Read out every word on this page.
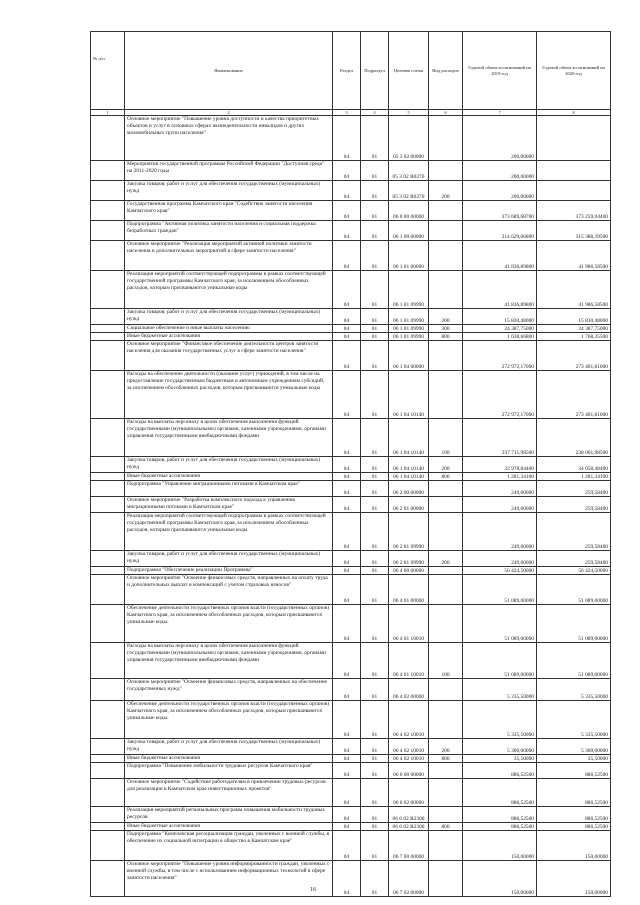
№ п/п	Наименование	Раздел	Подраздел	Целевая статья	Вид расходов	Годовой объем ассигнований на 2019 год	Годовой объем ассигнований на 2020 год
1	2	3	4	5	6	7	8
	Основное мероприятие "Повышение уровня доступности и качества приоритетных объектов и услуг в основных сферах жизнедеятельности инвалидов и других маломобильных групп населения"	04	01	05 3 02 00000		200,00000	
	Мероприятия государственной программы Российской Федерации "Доступная среда" на 2011-2020 годы	04	01	05 3 02 R0270		200,00000	
	Закупка товаров, работ и услуг для обеспечения государственных (муниципальных) нужд	04	01	05 3 02 R0270	200	200,00000	
	Государственная программа Камчатского края "Содействие занятости населения Камчатского края"	04	01	06 0 00 00000		373 689,68700	373 259,04400
	Подпрограмма "Активная политика занятости населения и социальная поддержка безработных граждан"	04	01	06 1 00 00000		314 629,06800	315 388,39500
	Основное мероприятие "Реализация мероприятий активной политики занятости населения и дополнительных мероприятий в сфере занятости населения"	04	01	06 1 01 00000		41 836,89800	41 986,58500
	Реализация мероприятий соответствующей подпрограммы в рамках соответствующей государственной программы Камчатского края, за исключением обособленных расходов, которым присваиваются уникальные коды	04	01	06 1 01 09990		41 836,89800	41 986,58500
	Закупка товаров, работ и услуг для обеспечения государственных (муниципальных) нужд	04	01	06 1 01 09990	200	15 830,48000	15 830,48000
	Социальное обеспечение и иные выплаты населению	04	01	06 1 01 09990	300	24 387,75000	24 387,75000
	Иные бюджетные ассигнования	04	01	06 1 01 09990	800	1 638,66800	1 768,35500
	Основное мероприятие "Финансовое обеспечение деятельности центров занятости населения для оказания государственных услуг в сфере занятости населения"	04	01	06 1 04 00000		272 972,17000	273 401,81000
	Расходы на обеспечение деятельности (оказание услуг) учреждений, в том числе на предоставление государственным бюджетным и автономным учреждениям субсидий, за исключением обособленных расходов, которым присваиваются уникальные коды	04	01	06 1 04 10140		272 972,17000	273 401,81000
	Расходы на выплаты персоналу в целях обеспечения выполнения функций государственными (муниципальными) органами, казенными учреждениями, органами управления государственными внебюджетными фондами	04	01	06 1 04 10140	100	237 711,98500	238 061,98500
	Закупка товаров, работ и услуг для обеспечения государственных (муниципальных) нужд	04	01	06 1 04 10140	200	33 978,84400	34 058,48400
	Иные бюджетные ассигнования	04	01	06 1 04 10140	800	1 281,34100	1 281,34100
	Подпрограмма "Управление миграционными потоками в Камчатском крае"	04	01	06 2 00 00000		249,60000	259,58400
	Основное мероприятие "Разработка комплексного подхода к управлению миграционными потоками в Камчатском крае"	04	01	06 2 01 00000		249,60000	259,58400
	Реализация мероприятий соответствующей подпрограммы в рамках соответствующей государственной программы Камчатского края, за исключением обособленных расходов, которым присваиваются уникальные коды	04	01	06 2 01 09990		249,60000	259,58400
	Закупка товаров, работ и услуг для обеспечения государственных (муниципальных) нужд	04	01	06 2 01 09990	200	249,60000	259,58400
	Подпрограмма "Обеспечение реализации Программы"	04	01	06 4 00 00000		56 424,50000	56 424,50000
	Основное мероприятие "Освоение финансовых средств, направленных на оплату труда и дополнительных выплат и компенсаций с учетом страховых взносов"	04	01	06 4 01 00000		51 089,00000	51 089,00000
	Обеспечение деятельности государственных органов власти (государственных органов) Камчатского края, за исключением обособленных расходов, которым присваиваются уникальные коды.	04	01	06 4 01 10010		51 089,00000	51 089,00000
	Расходы на выплаты персоналу в целях обеспечения выполнения функций государственными (муниципальными) органами, казенными учреждениями, органами управления государственными внебюджетными фондами	04	01	06 4 01 10010	100	51 089,00000	51 089,00000
	Основное мероприятие "Освоение финансовых средств, направленных на обеспечение государственных нужд"	04	01	06 4 02 00000		5 335,50000	5 335,50000
	Обеспечение деятельности государственных органов власти (государственных органов) Камчатского края, за исключением обособленных расходов, которым присваиваются уникальные коды.	04	01	06 4 02 10010		5 335,50000	5 335,50000
	Закупка товаров, работ и услуг для обеспечения государственных (муниципальных) нужд	04	01	06 4 02 10010	200	5 300,00000	5 300,00000
	Иные бюджетные ассигнования	04	01	06 4 02 10010	800	35,50000	35,50000
	Подпрограмма "Повышение мобильности трудовых ресурсов Камчатского края"	04	01	06 6 00 00000		886,52500	886,52500
	Основное мероприятие "Содействие работодателям в привлечении трудовых ресурсов для реализации в Камчатском крае инвестиционных проектов"	04	01	06 6 02 00000		886,52500	886,52500
	Реализация мероприятий региональных программ повышения мобильности трудовых ресурсов	04	01	06 6 02 R2300		886,52500	886,52500
	Иные бюджетные ассигнования	04	01	06 6 02 R2300	800	886,52500	886,52500
	Подпрограмма "Комплексная ресоциализация граждан, уволенных с военной службы, в обеспечение их социальной интеграции в общество в Камчатском крае"	04	01	06 7 00 00000		150,00000	150,00000
	Основное мероприятие "Повышение уровня информированности граждан, уволенных с военной службы, в том числе с использованием информационных технологий в сфере занятости населения"	04	01	06 7 02 00000		150,00000	150,00000
16
